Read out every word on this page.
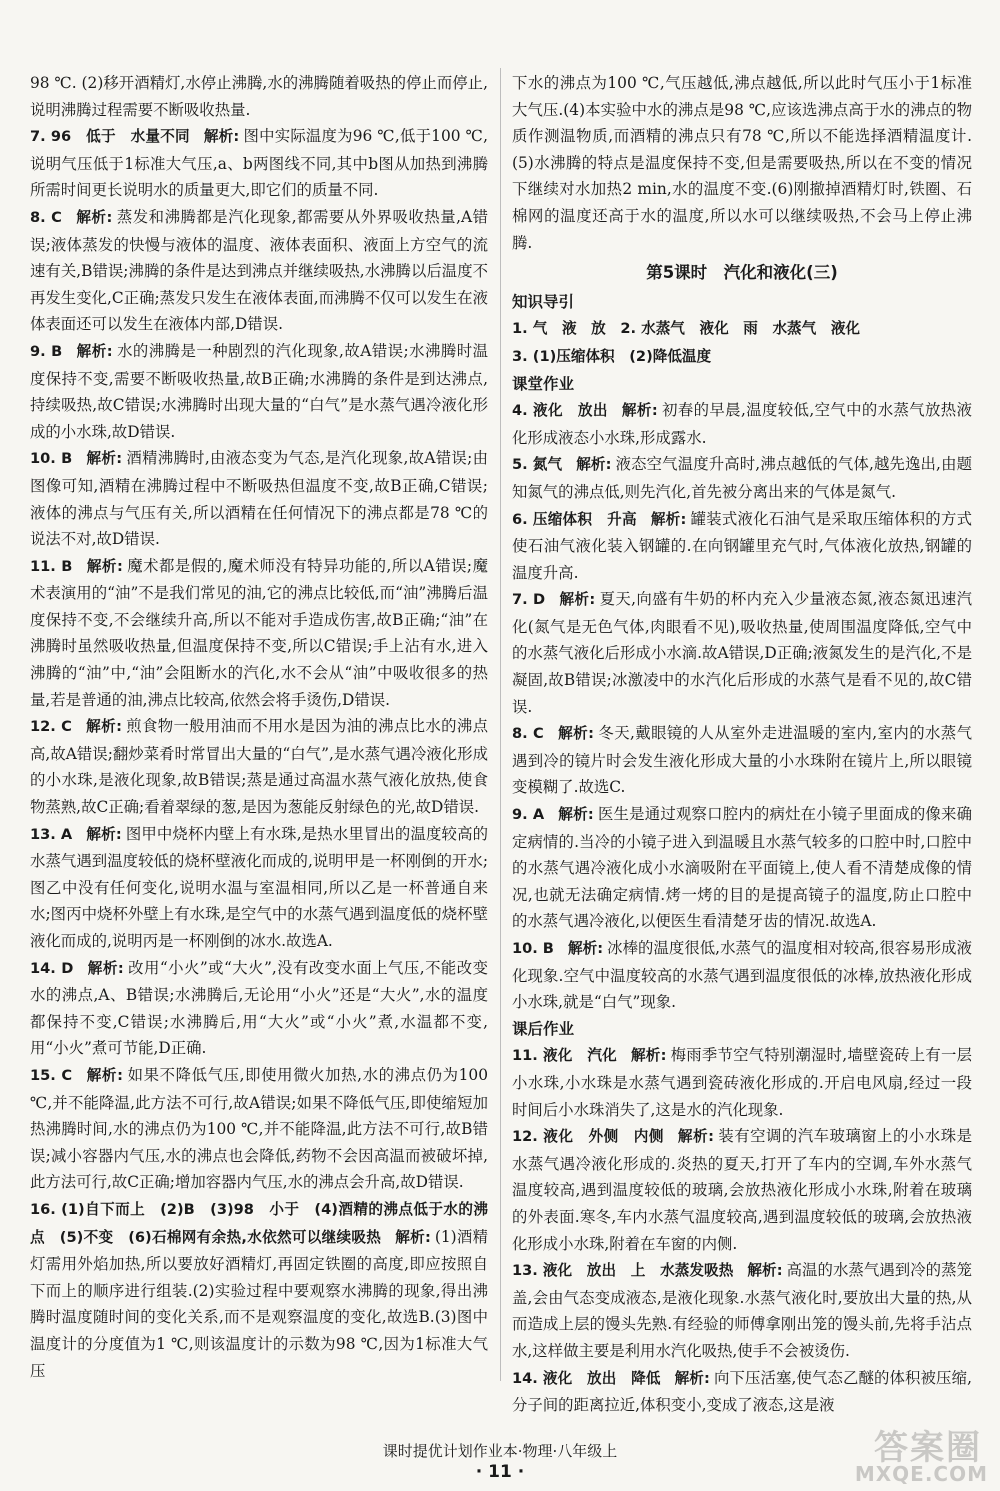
98 ℃. (2)移开酒精灯,水停止沸腾,水的沸腾随着吸热的停止而停止,说明沸腾过程需要不断吸收热量.

7. 96　低于　水量不同 解析: 图中实际温度为96 ℃,低于100 ℃,说明气压低于1标准大气压,a、b两图线不同,其中b图从加热到沸腾所需时间更长说明水的质量更大,即它们的质量不同.

8. C 解析: 蒸发和沸腾都是汽化现象,都需要从外界吸收热量,A错误;液体蒸发的快慢与液体的温度、液体表面积、液面上方空气的流速有关,B错误;沸腾的条件是达到沸点并继续吸热,水沸腾以后温度不再发生变化,C正确;蒸发只发生在液体表面,而沸腾不仅可以发生在液体表面还可以发生在液体内部,D错误.

9. B 解析: 水的沸腾是一种剧烈的汽化现象,故A错误;水沸腾时温度保持不变,需要不断吸收热量,故B正确;水沸腾的条件是到达沸点,持续吸热,故C错误;水沸腾时出现大量的“白气”是水蒸气遇冷液化形成的小水珠,故D错误.

10. B 解析: 酒精沸腾时,由液态变为气态,是汽化现象,故A错误;由图像可知,酒精在沸腾过程中不断吸热但温度不变,故B正确,C错误;液体的沸点与气压有关,所以酒精在任何情况下的沸点都是78 ℃的说法不对,故D错误.

11. B 解析: 魔术都是假的,魔术师没有特异功能的,所以A错误;魔术表演用的“油”不是我们常见的油,它的沸点比较低,而“油”沸腾后温度保持不变,不会继续升高,所以不能对手造成伤害,故B正确;“油”在沸腾时虽然吸收热量,但温度保持不变,所以C错误;手上沾有水,进入沸腾的“油”中,“油”会阻断水的汽化,水不会从“油”中吸收很多的热量,若是普通的油,沸点比较高,依然会将手烫伤,D错误.

12. C 解析: 煎食物一般用油而不用水是因为油的沸点比水的沸点高,故A错误;翻炒菜肴时常冒出大量的“白气”,是水蒸气遇冷液化形成的小水珠,是液化现象,故B错误;蒸是通过高温水蒸气液化放热,使食物蒸熟,故C正确;看着翠绿的葱,是因为葱能反射绿色的光,故D错误.

13. A 解析: 图甲中烧杯内壁上有水珠,是热水里冒出的温度较高的水蒸气遇到温度较低的烧杯壁液化而成的,说明甲是一杯刚倒的开水;图乙中没有任何变化,说明水温与室温相同,所以乙是一杯普通自来水;图丙中烧杯外壁上有水珠,是空气中的水蒸气遇到温度低的烧杯壁液化而成的,说明丙是一杯刚倒的冰水.故选A.

14. D 解析: 改用“小火”或“大火”,没有改变水面上气压,不能改变水的沸点,A、B错误;水沸腾后,无论用“小火”还是“大火”,水的温度都保持不变,C错误;水沸腾后,用“大火”或“小火”煮,水温都不变,用“小火”煮可节能,D正确.

15. C 解析: 如果不降低气压,即使用微火加热,水的沸点仍为100 ℃,并不能降温,此方法不可行,故A错误;如果不降低气压,即使缩短加热沸腾时间,水的沸点仍为100 ℃,并不能降温,此方法不可行,故B错误;减小容器内气压,水的沸点也会降低,药物不会因高温而被破坏掉,此方法可行,故C正确;增加容器内气压,水的沸点会升高,故D错误.

16. (1)自下而上　(2)B　(3)98　小于　(4)酒精的沸点低于水的沸点　(5)不变　(6)石棉网有余热,水依然可以继续吸热 解析: (1)酒精灯需用外焰加热,所以要放好酒精灯,再固定铁圈的高度,即应按照自下而上的顺序进行组装.(2)实验过程中要观察水沸腾的现象,得出沸腾时温度随时间的变化关系,而不是观察温度的变化,故选B.(3)图中温度计的分度值为1 ℃,则该温度计的示数为98 ℃,因为1标准大气压

下水的沸点为100 ℃,气压越低,沸点越低,所以此时气压小于1标准大气压.(4)本实验中水的沸点是98 ℃,应该选沸点高于水的沸点的物质作测温物质,而酒精的沸点只有78 ℃,所以不能选择酒精温度计.(5)水沸腾的特点是温度保持不变,但是需要吸热,所以在不变的情况下继续对水加热2 min,水的温度不变.(6)刚撤掉酒精灯时,铁圈、石棉网的温度还高于水的温度,所以水可以继续吸热,不会马上停止沸腾.

第5课时　汽化和液化(三)
知识导引

1. 气　液　放　2. 水蒸气　液化　雨　水蒸气　液化

3. (1)压缩体积　(2)降低温度

课堂作业

4. 液化　放出 解析: 初春的早晨,温度较低,空气中的水蒸气放热液化形成液态小水珠,形成露水.

5. 氮气 解析: 液态空气温度升高时,沸点越低的气体,越先逸出,由题知氮气的沸点低,则先汽化,首先被分离出来的气体是氮气.

6. 压缩体积　升高 解析: 罐装式液化石油气是采取压缩体积的方式使石油气液化装入钢罐的.在向钢罐里充气时,气体液化放热,钢罐的温度升高.

7. D 解析: 夏天,向盛有牛奶的杯内充入少量液态氮,液态氮迅速汽化(氮气是无色气体,肉眼看不见),吸收热量,使周围温度降低,空气中的水蒸气液化后形成小水滴.故A错误,D正确;液氮发生的是汽化,不是凝固,故B错误;冰激凌中的水汽化后形成的水蒸气是看不见的,故C错误.

8. C 解析: 冬天,戴眼镜的人从室外走进温暖的室内,室内的水蒸气遇到冷的镜片时会发生液化形成大量的小水珠附在镜片上,所以眼镜变模糊了.故选C.

9. A 解析: 医生是通过观察口腔内的病灶在小镜子里面成的像来确定病情的.当冷的小镜子进入到温暖且水蒸气较多的口腔中时,口腔中的水蒸气遇冷液化成小水滴吸附在平面镜上,使人看不清楚成像的情况,也就无法确定病情.烤一烤的目的是提高镜子的温度,防止口腔中的水蒸气遇冷液化,以便医生看清楚牙齿的情况.故选A.

10. B 解析: 冰棒的温度很低,水蒸气的温度相对较高,很容易形成液化现象.空气中温度较高的水蒸气遇到温度很低的冰棒,放热液化形成小水珠,就是“白气”现象.

课后作业

11. 液化　汽化 解析: 梅雨季节空气特别潮湿时,墙壁瓷砖上有一层小水珠,小水珠是水蒸气遇到瓷砖液化形成的.开启电风扇,经过一段时间后小水珠消失了,这是水的汽化现象.

12. 液化　外侧　内侧 解析: 装有空调的汽车玻璃窗上的小水珠是水蒸气遇冷液化形成的.炎热的夏天,打开了车内的空调,车外水蒸气温度较高,遇到温度较低的玻璃,会放热液化形成小水珠,附着在玻璃的外表面.寒冬,车内水蒸气温度较高,遇到温度较低的玻璃,会放热液化形成小水珠,附着在车窗的内侧.

13. 液化　放出　上　水蒸发吸热 解析: 高温的水蒸气遇到冷的蒸笼盖,会由气态变成液态,是液化现象.水蒸气液化时,要放出大量的热,从而造成上层的馒头先熟.有经验的师傅拿刚出笼的馒头前,先将手沾点水,这样做主要是利用水汽化吸热,使手不会被烫伤.

14. 液化　放出　降低 解析: 向下压活塞,使气态乙醚的体积被压缩,分子间的距离拉近,体积变小,变成了液态,这是液

课时提优计划作业本·物理·八年级上
· 11 ·
答案圈
MXQE.COM
